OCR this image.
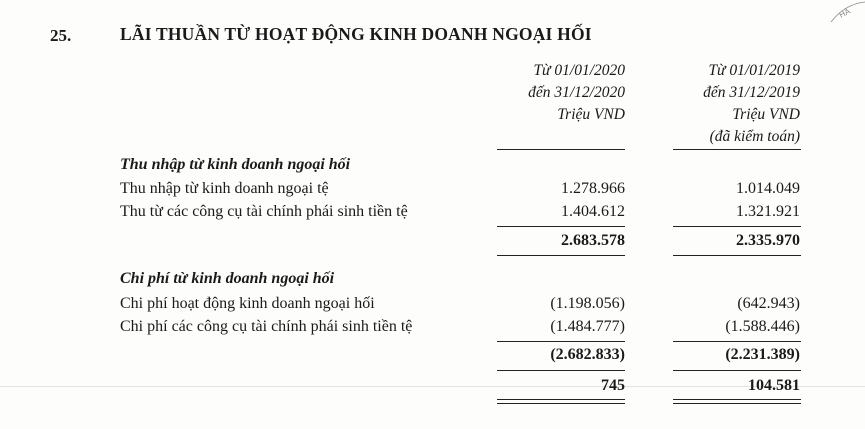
25.	LÃI THUẦN TỪ HOẠT ĐỘNG KINH DOANH NGOẠI HỐI
HÀ
Từ 01/01/2020
đến 31/12/2020
Triệu VND
Từ 01/01/2019
đến 31/12/2019
Triệu VND
(đã kiểm toán)
Thu nhập từ kinh doanh ngoại hối
Thu nhập từ kinh doanh ngoại tệ	1.278.966	1.014.049
Thu từ các công cụ tài chính phái sinh tiền tệ	1.404.612	1.321.921
2.683.578	2.335.970
Chi phí từ kinh doanh ngoại hối
Chi phí hoạt động kinh doanh ngoại hối	(1.198.056)	(642.943)
Chi phí các công cụ tài chính phái sinh tiền tệ	(1.484.777)	(1.588.446)
(2.682.833)	(2.231.389)
745	104.581
